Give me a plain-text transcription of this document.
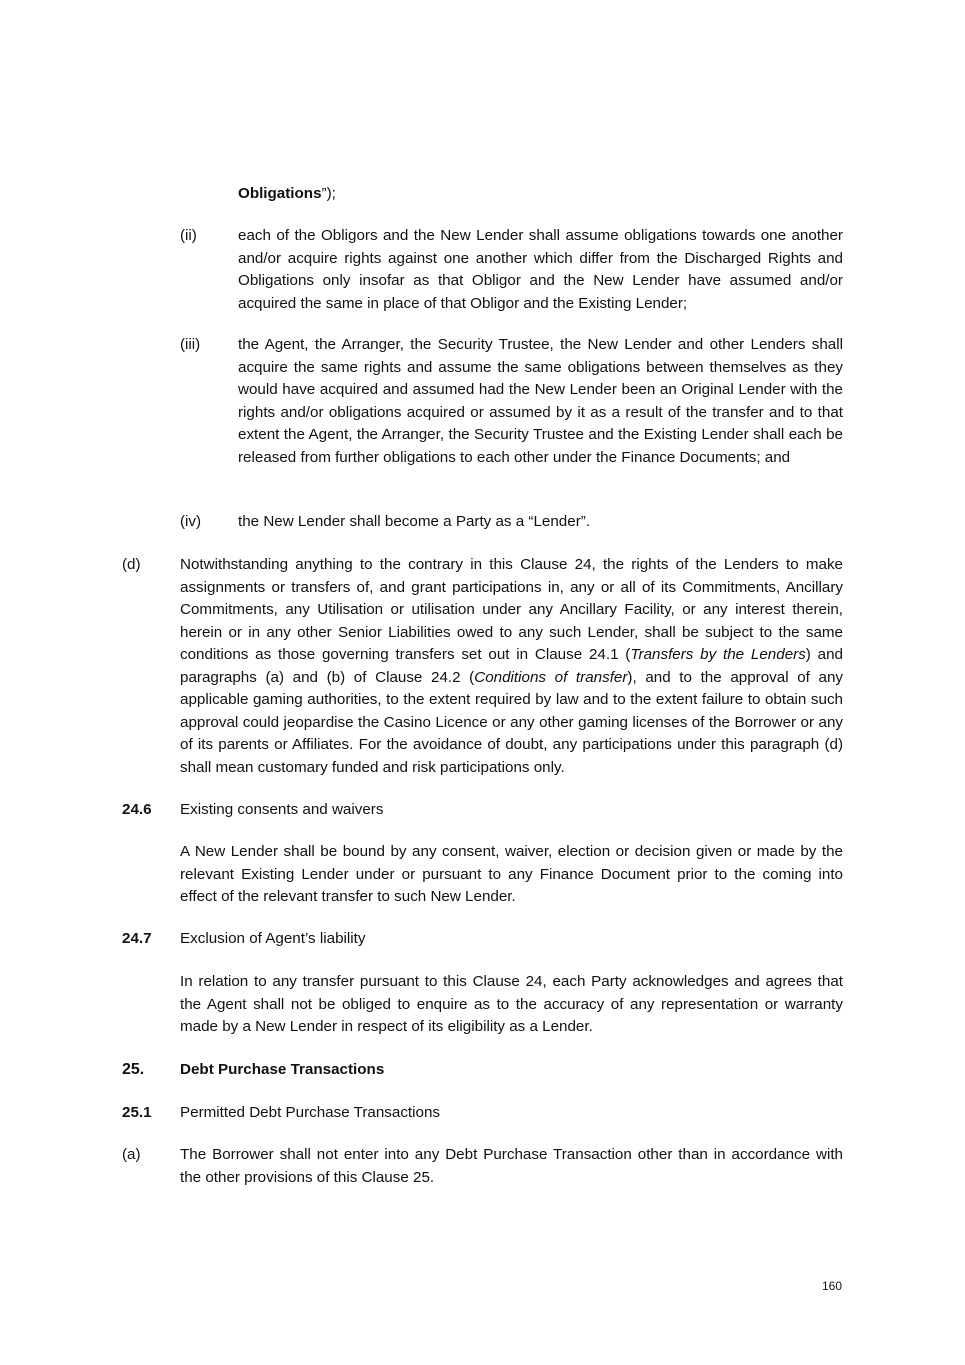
Obligations”);
(ii)	each of the Obligors and the New Lender shall assume obligations towards one another and/or acquire rights against one another which differ from the Discharged Rights and Obligations only insofar as that Obligor and the New Lender have assumed and/or acquired the same in place of that Obligor and the Existing Lender;
(iii) the Agent, the Arranger, the Security Trustee, the New Lender and other Lenders shall acquire the same rights and assume the same obligations between themselves as they would have acquired and assumed had the New Lender been an Original Lender with the rights and/or obligations acquired or assumed by it as a result of the transfer and to that extent the Agent, the Arranger, the Security Trustee and the Existing Lender shall each be released from further obligations to each other under the Finance Documents; and
(iv) the New Lender shall become a Party as a “Lender”.
(d)	Notwithstanding anything to the contrary in this Clause 24, the rights of the Lenders to make assignments or transfers of, and grant participations in, any or all of its Commitments, Ancillary Commitments, any Utilisation or utilisation under any Ancillary Facility, or any interest therein, herein or in any other Senior Liabilities owed to any such Lender, shall be subject to the same conditions as those governing transfers set out in Clause 24.1 (Transfers by the Lenders) and paragraphs (a) and (b) of Clause 24.2 (Conditions of transfer), and to the approval of any applicable gaming authorities, to the extent required by law and to the extent failure to obtain such approval could jeopardise the Casino Licence or any other gaming licenses of the Borrower or any of its parents or Affiliates. For the avoidance of doubt, any participations under this paragraph (d) shall mean customary funded and risk participations only.
24.6 Existing consents and waivers
A New Lender shall be bound by any consent, waiver, election or decision given or made by the relevant Existing Lender under or pursuant to any Finance Document prior to the coming into effect of the relevant transfer to such New Lender.
24.7 Exclusion of Agent’s liability
In relation to any transfer pursuant to this Clause 24, each Party acknowledges and agrees that the Agent shall not be obliged to enquire as to the accuracy of any representation or warranty made by a New Lender in respect of its eligibility as a Lender.
25. Debt Purchase Transactions
25.1 Permitted Debt Purchase Transactions
(a)	The Borrower shall not enter into any Debt Purchase Transaction other than in accordance with the other provisions of this Clause 25.
160
